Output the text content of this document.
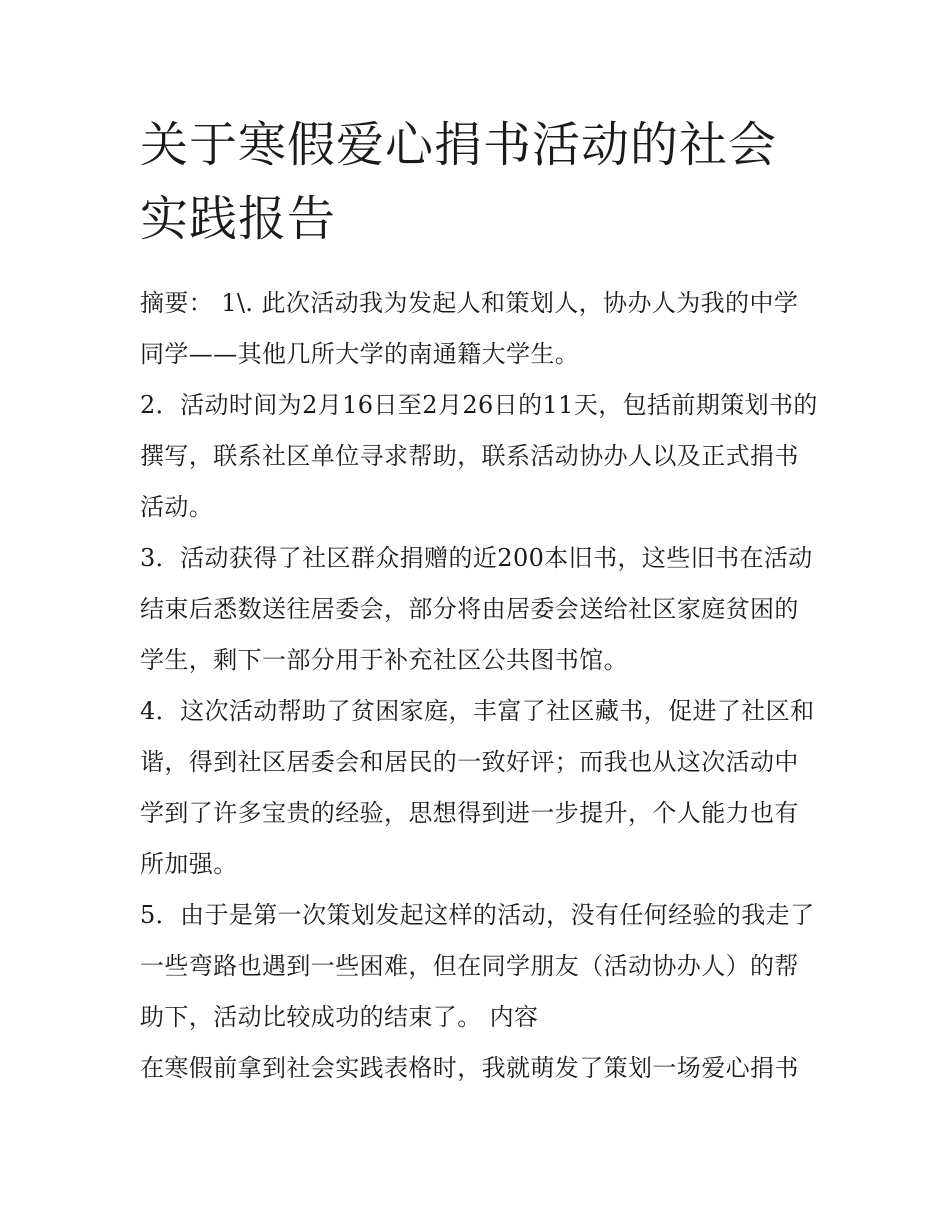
关于寒假爱心捐书活动的社会实践报告

摘要： 1\. 此次活动我为发起人和策划人，协办人为我的中学同学——其他几所大学的南通籍大学生。

2．活动时间为2月16日至2月26日的11天，包括前期策划书的撰写，联系社区单位寻求帮助，联系活动协办人以及正式捐书活动。

3．活动获得了社区群众捐赠的近200本旧书，这些旧书在活动结束后悉数送往居委会，部分将由居委会送给社区家庭贫困的学生，剩下一部分用于补充社区公共图书馆。

4．这次活动帮助了贫困家庭，丰富了社区藏书，促进了社区和谐，得到社区居委会和居民的一致好评；而我也从这次活动中学到了许多宝贵的经验，思想得到进一步提升，个人能力也有所加强。

5．由于是第一次策划发起这样的活动，没有任何经验的我走了一些弯路也遇到一些困难，但在同学朋友（活动协办人）的帮助下，活动比较成功的结束了。 内容

在寒假前拿到社会实践表格时，我就萌发了策划一场爱心捐书
